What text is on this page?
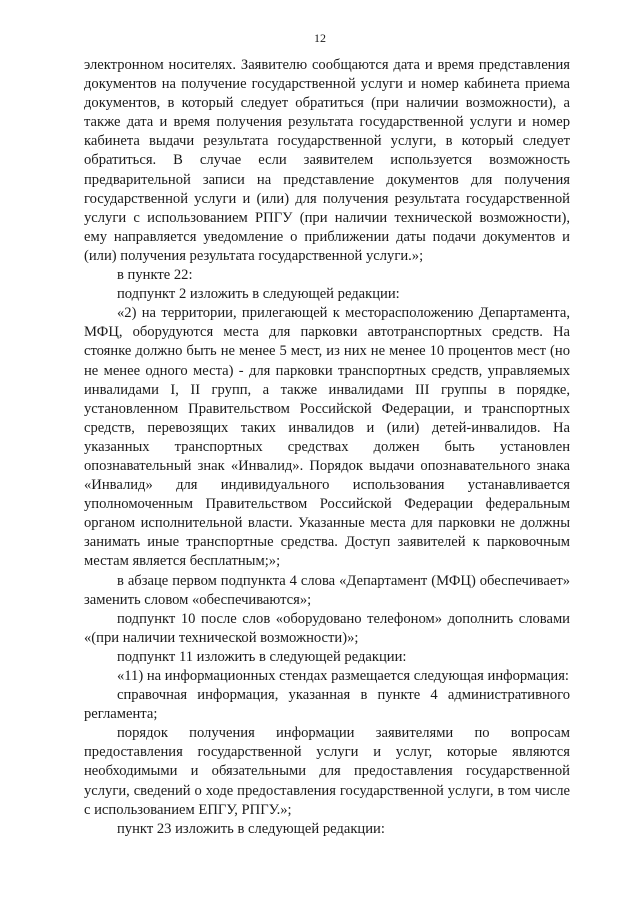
12

электронном носителях. Заявителю сообщаются дата и время представления документов на получение государственной услуги и номер кабинета приема документов, в который следует обратиться (при наличии возможности), а также дата и время получения результата государственной услуги и номер кабинета выдачи результата государственной услуги, в который следует обратиться. В случае если заявителем используется возможность предварительной записи на представление документов для получения государственной услуги и (или) для получения результата государственной услуги с использованием РПГУ (при наличии технической возможности), ему направляется уведомление о приближении даты подачи документов и (или) получения результата государственной услуги.»;

в пункте 22:

подпункт 2 изложить в следующей редакции:

«2) на территории, прилегающей к месторасположению Департамента, МФЦ, оборудуются места для парковки автотранспортных средств. На стоянке должно быть не менее 5 мест, из них не менее 10 процентов мест (но не менее одного места) - для парковки транспортных средств, управляемых инвалидами I, II групп, а также инвалидами III группы в порядке, установленном Правительством Российской Федерации, и транспортных средств, перевозящих таких инвалидов и (или) детей-инвалидов. На указанных транспортных средствах должен быть установлен опознавательный знак «Инвалид». Порядок выдачи опознавательного знака «Инвалид» для индивидуального использования устанавливается уполномоченным Правительством Российской Федерации федеральным органом исполнительной власти. Указанные места для парковки не должны занимать иные транспортные средства. Доступ заявителей к парковочным местам является бесплатным;»;

в абзаце первом подпункта 4 слова «Департамент (МФЦ) обеспечивает» заменить словом «обеспечиваются»;

подпункт 10 после слов «оборудовано телефоном» дополнить словами «(при наличии технической возможности)»;

подпункт 11 изложить в следующей редакции:

«11) на информационных стендах размещается следующая информация:

справочная информация, указанная в пункте 4 административного регламента;

порядок получения информации заявителями по вопросам предоставления государственной услуги и услуг, которые являются необходимыми и обязательными для предоставления государственной услуги, сведений о ходе предоставления государственной услуги, в том числе с использованием ЕПГУ, РПГУ.»;

пункт 23 изложить в следующей редакции:
